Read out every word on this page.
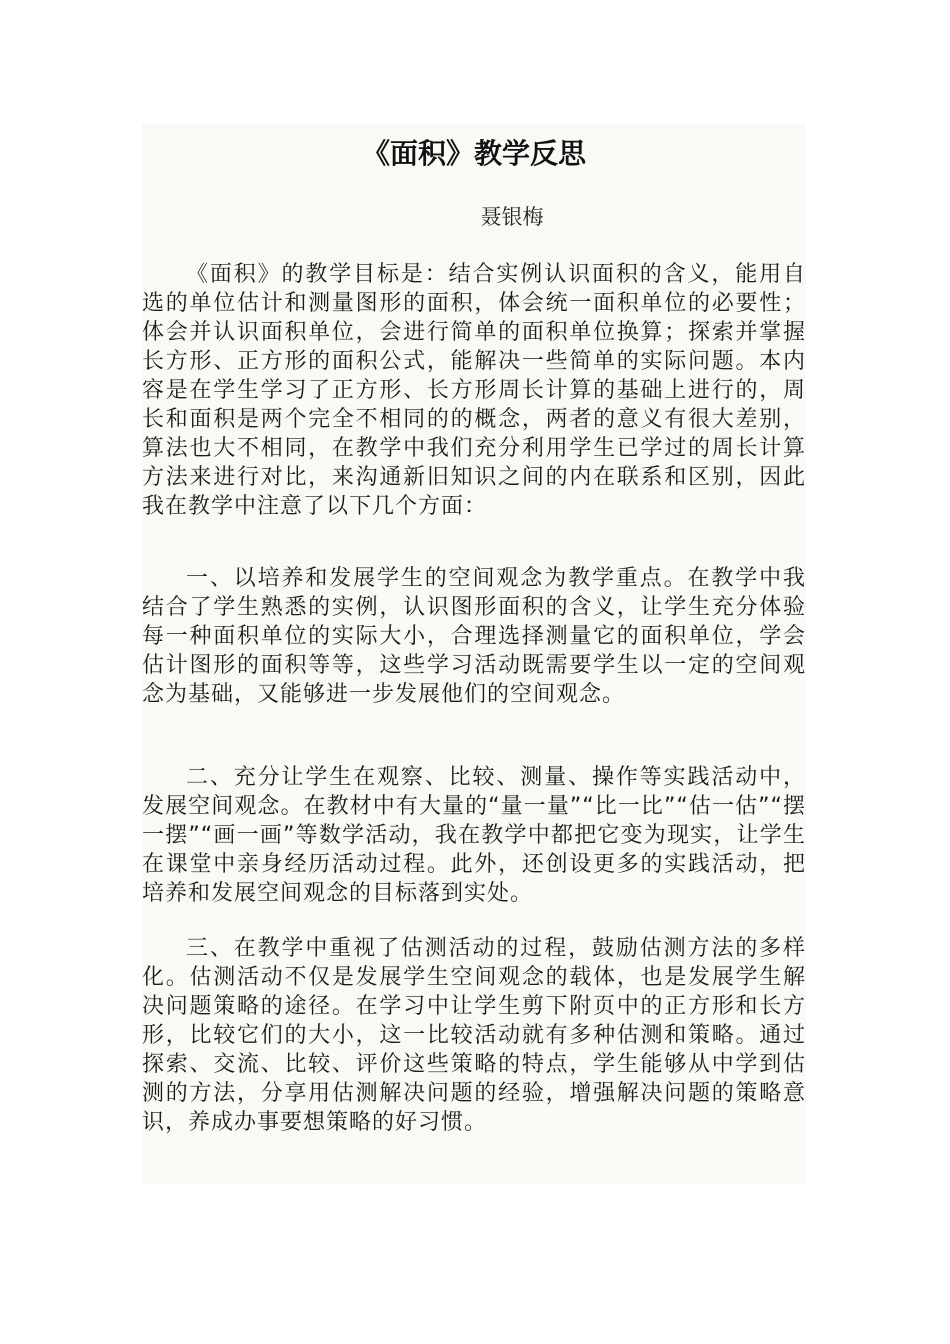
《面积》教学反思
聂银梅

《面积》的教学目标是：结合实例认识面积的含义，能用自选的单位估计和测量图形的面积，体会统一面积单位的必要性；体会并认识面积单位，会进行简单的面积单位换算；探索并掌握长方形、正方形的面积公式，能解决一些简单的实际问题。本内容是在学生学习了正方形、长方形周长计算的基础上进行的，周长和面积是两个完全不相同的的概念，两者的意义有很大差别，算法也大不相同，在教学中我们充分利用学生已学过的周长计算方法来进行对比，来沟通新旧知识之间的内在联系和区别，因此我在教学中注意了以下几个方面：

一、以培养和发展学生的空间观念为教学重点。在教学中我结合了学生熟悉的实例，认识图形面积的含义，让学生充分体验每一种面积单位的实际大小，合理选择测量它的面积单位，学会估计图形的面积等等，这些学习活动既需要学生以一定的空间观念为基础，又能够进一步发展他们的空间观念。

二、充分让学生在观察、比较、测量、操作等实践活动中，发展空间观念。在教材中有大量的“量一量”“比一比”“估一估”“摆一摆”“画一画”等数学活动，我在教学中都把它变为现实，让学生在课堂中亲身经历活动过程。此外，还创设更多的实践活动，把培养和发展空间观念的目标落到实处。

三、在教学中重视了估测活动的过程，鼓励估测方法的多样化。估测活动不仅是发展学生空间观念的载体，也是发展学生解决问题策略的途径。在学习中让学生剪下附页中的正方形和长方形，比较它们的大小，这一比较活动就有多种估测和策略。通过探索、交流、比较、评价这些策略的特点，学生能够从中学到估测的方法，分享用估测解决问题的经验，增强解决问题的策略意识，养成办事要想策略的好习惯。
